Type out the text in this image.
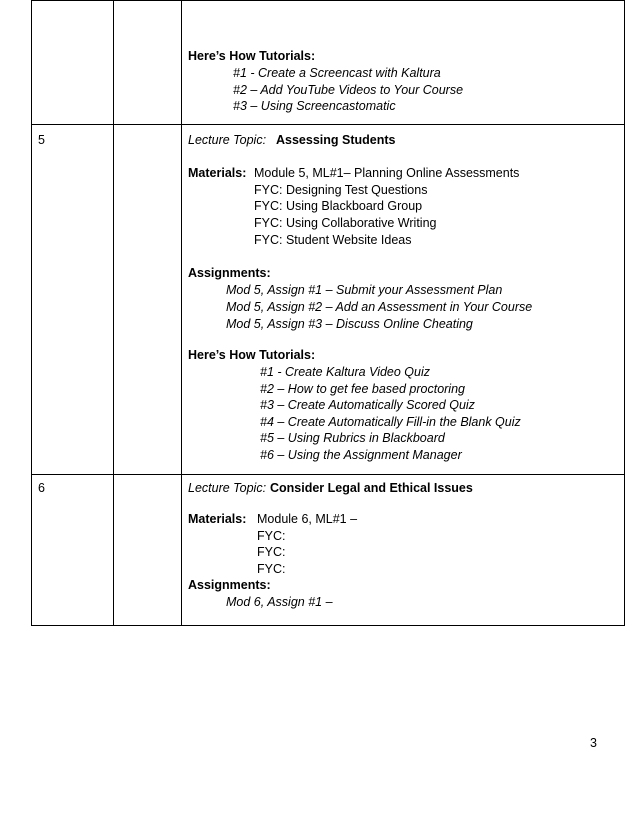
Here’s How Tutorials:
#1 - Create a Screencast with Kaltura
#2 – Add YouTube Videos to Your Course
#3 – Using Screencastomatic
5	Lecture Topic: Assessing Students
Materials: Module 5, ML#1– Planning Online Assessments
FYC: Designing Test Questions
FYC: Using Blackboard Group
FYC: Using Collaborative Writing
FYC: Student Website Ideas
Assignments:
Mod 5, Assign #1 – Submit your Assessment Plan
Mod 5, Assign #2 – Add an Assessment in Your Course
Mod 5, Assign #3 – Discuss Online Cheating
Here’s How Tutorials:
#1 - Create Kaltura Video Quiz
#2 – How to get fee based proctoring
#3 – Create Automatically Scored Quiz
#4 – Create Automatically Fill-in the Blank Quiz
#5 – Using Rubrics in Blackboard
#6 – Using the Assignment Manager
6	Lecture Topic: Consider Legal and Ethical Issues
Materials: Module 6, ML#1 –
FYC:
FYC:
FYC:
Assignments:
Mod 6, Assign #1 –
3
